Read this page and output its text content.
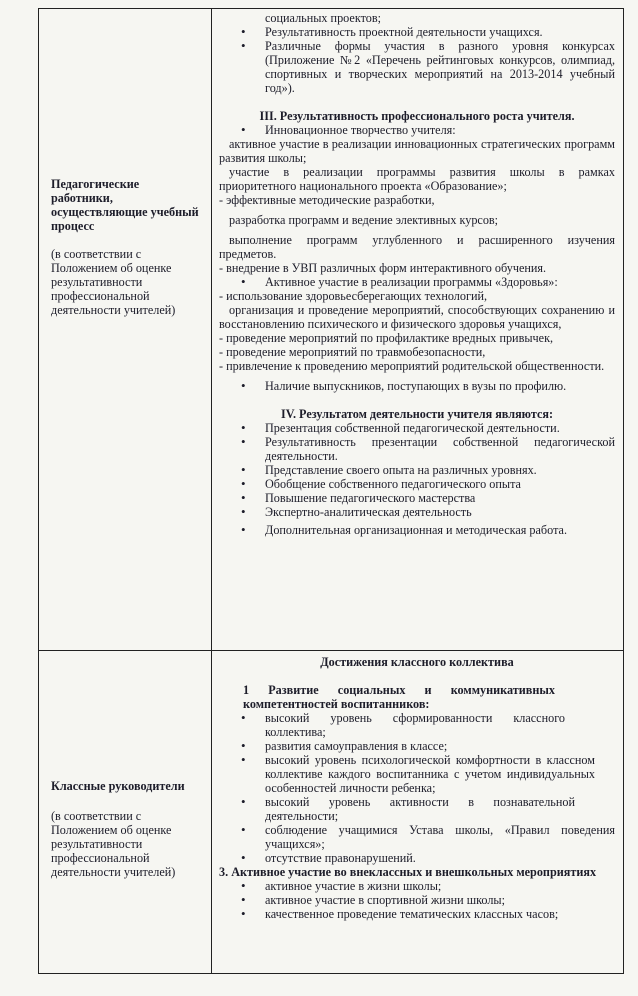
Педагогические работники, осуществляющие учебный процесс
(в соответствии с Положением об оценке результативности профессиональной деятельности учителей)

социальных проектов;

• Результативность проектной деятельности учащихся.
• Различные формы участия в разного уровня конкурсах (Приложение №2 «Перечень рейтинговых конкурсов, олимпиад, спортивных и творческих мероприятий на 2013-2014 учебный год»).

III. Результативность профессионального роста учителя.

• Инновационное творчество учителя:

активное участие в реализации инновационных стратегических программ развития школы;

участие в реализации программы развития школы в рамках приоритетного национального проекта «Образование»;

- эффективные методические разработки,

разработка программ и ведение элективных курсов;

выполнение программ углубленного и расширенного изучения предметов.

- внедрение в УВП различных форм интерактивного обучения.

• Активное участие в реализации программы «Здоровья»:

- использование здоровьесберегающих технологий,

организация и проведение мероприятий, способствующих сохранению и восстановлению психического и физического здоровья учащихся,

- проведение мероприятий по профилактике вредных привычек,

- проведение мероприятий по травмобезопасности,

- привлечение к проведению мероприятий родительской общественности.

• Наличие выпускников, поступающих в вузы по профилю.

IV. Результатом деятельности учителя являются:

• Презентация собственной педагогической деятельности.
• Результативность презентации собственной педагогической деятельности.
• Представление своего опыта на различных уровнях.
• Обобщение собственного педагогического опыта
• Повышение педагогического мастерства
• Экспертно-аналитическая деятельность
• Дополнительная организационная и методическая работа.
Классные руководители
(в соответствии с Положением об оценке результативности профессиональной деятельности учителей)

Достижения классного коллектива

1 Развитие социальных и коммуникативных компетентностей воспитанников:

• высокий уровень сформированности классного коллектива;
• развития самоуправления в классе;
• высокий уровень психологической комфортности в классном коллективе каждого воспитанника с учетом индивидуальных особенностей личности ребенка;
• высокий уровень активности в познавательной деятельности;
• соблюдение учащимися Устава школы, «Правил поведения учащихся»;
• отсутствие правонарушений.

3. Активное участие во внеклассных и внешкольных мероприятиях

• активное участие в жизни школы;
• активное участие в спортивной жизни школы;
• качественное проведение тематических классных часов;
